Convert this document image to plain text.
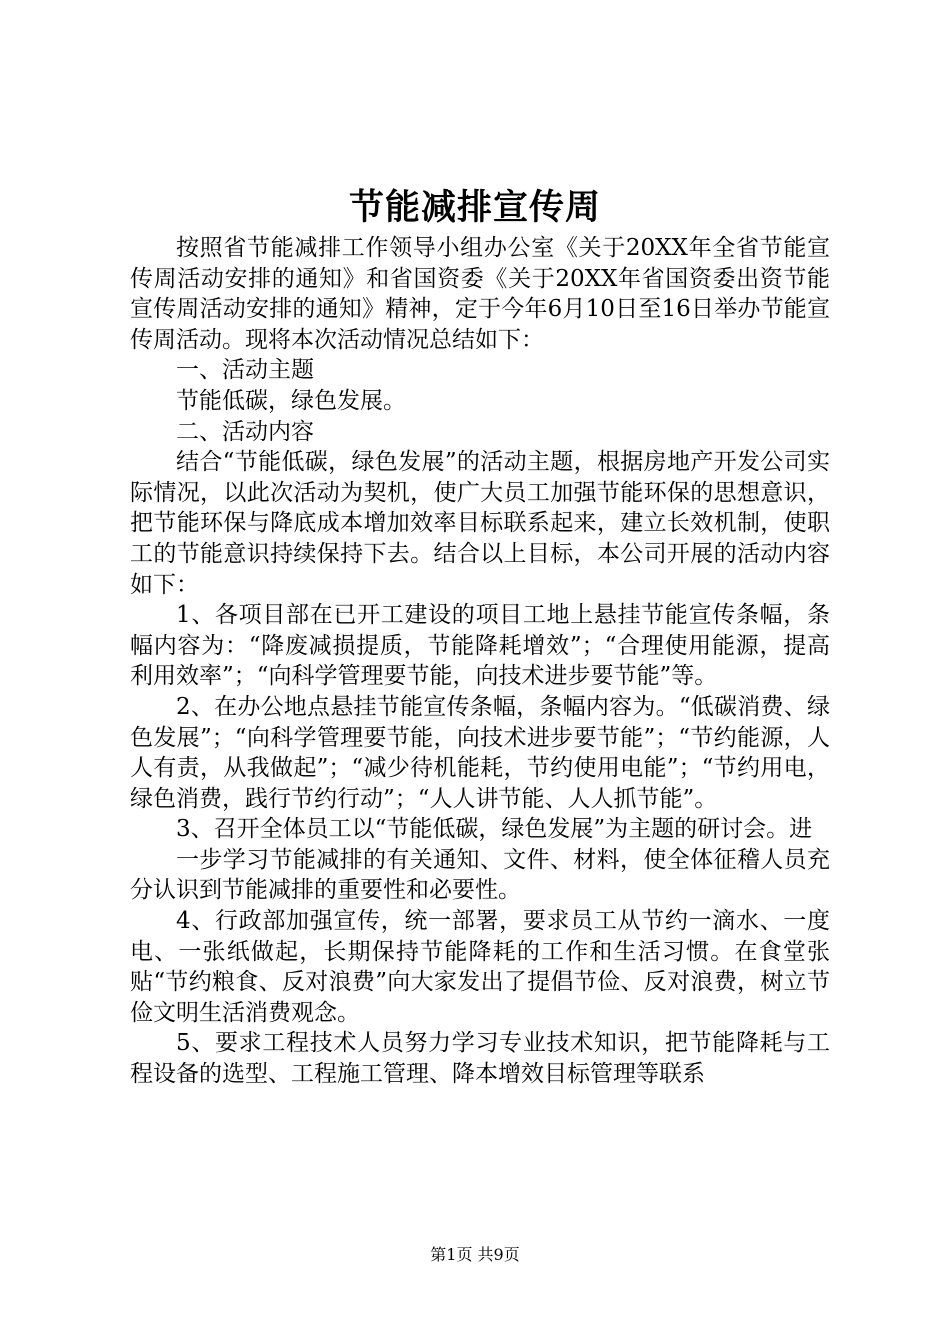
节能减排宣传周

按照省节能减排工作领导小组办公室《关于20XX年全省节能宣传周活动安排的通知》和省国资委《关于20XX年省国资委出资节能宣传周活动安排的通知》精神，定于今年6月10日至16日举办节能宣传周活动。现将本次活动情况总结如下：

一、活动主题

节能低碳，绿色发展。

二、活动内容

结合“节能低碳，绿色发展”的活动主题，根据房地产开发公司实际情况，以此次活动为契机，使广大员工加强节能环保的思想意识，把节能环保与降底成本增加效率目标联系起来，建立长效机制，使职工的节能意识持续保持下去。结合以上目标，本公司开展的活动内容如下：

1、各项目部在已开工建设的项目工地上悬挂节能宣传条幅，条幅内容为：“降废减损提质，节能降耗增效”；“合理使用能源，提高利用效率”；“向科学管理要节能，向技术进步要节能”等。

2、在办公地点悬挂节能宣传条幅，条幅内容为。“低碳消费、绿色发展”；“向科学管理要节能，向技术进步要节能”；“节约能源，人人有责，从我做起”；“减少待机能耗，节约使用电能”；“节约用电，绿色消费，践行节约行动”；“人人讲节能、人人抓节能”。

3、召开全体员工以“节能低碳，绿色发展”为主题的研讨会。进

一步学习节能减排的有关通知、文件、材料，使全体征稽人员充分认识到节能减排的重要性和必要性。

4、行政部加强宣传，统一部署，要求员工从节约一滴水、一度电、一张纸做起，长期保持节能降耗的工作和生活习惯。在食堂张贴“节约粮食、反对浪费”向大家发出了提倡节俭、反对浪费，树立节俭文明生活消费观念。

5、要求工程技术人员努力学习专业技术知识，把节能降耗与工程设备的选型、工程施工管理、降本增效目标管理等联系

第1页 共9页
